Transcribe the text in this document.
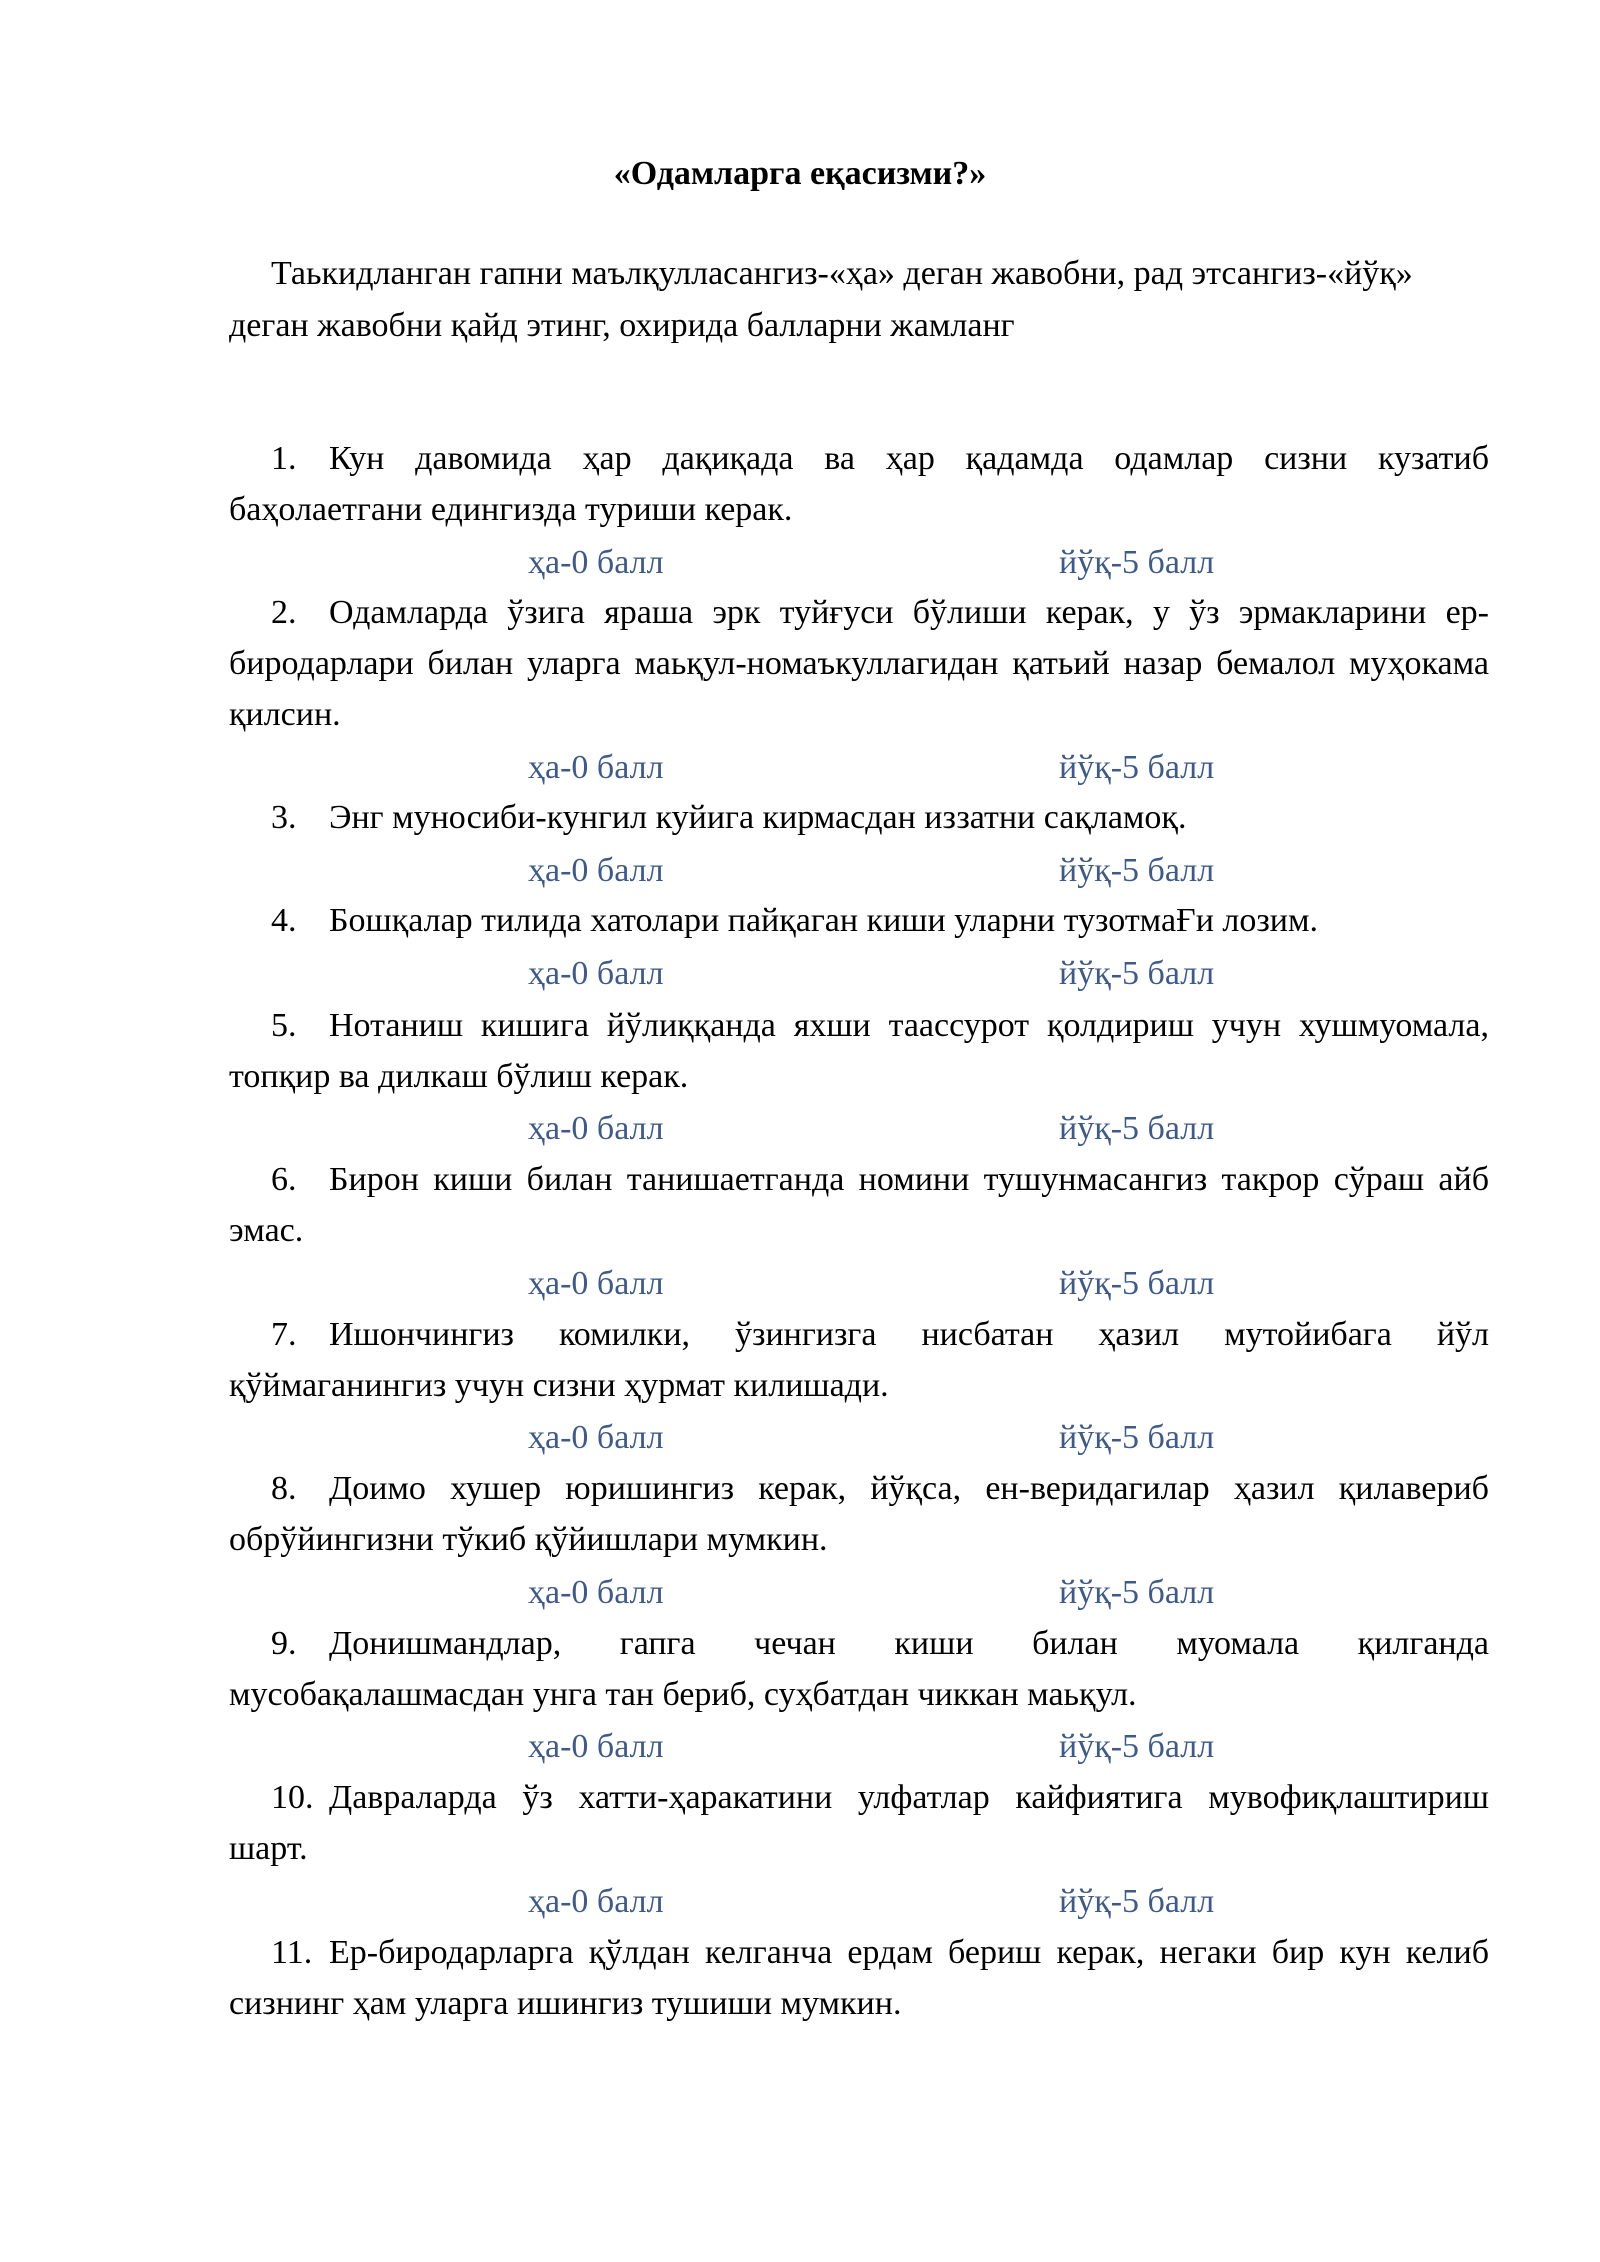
«Одамларга еқасизми?»
Таькидланган гапни маълқулласангиз-«ҳа» деган жавобни, рад этсангиз-«йўқ» деган жавобни қайд этинг, охирида балларни жамланг
1. Кун давомида ҳар дақиқада ва ҳар қадамда одамлар сизни кузатиб баҳолаетгани едингизда туриши керак.
ҳа-0 балл	йўқ-5 балл
2. Одамларда ўзига яраша эрк туйғуси бўлиши керак, у ўз эрмакларини ер-биродарлари билан уларга маьқул-номаъкуллагидан қатьий назар бемалол муҳокама қилсин.
ҳа-0 балл	йўқ-5 балл
3. Энг муносиби-кунгил куйига кирмасдан иззатни сақламоқ.
ҳа-0 балл	йўқ-5 балл
4. Бошқалар тилида хатолари пайқаган киши уларни тузотмаҒи лозим.
ҳа-0 балл	йўқ-5 балл
5. Нотаниш кишига йўлиққанда яхши таассурот қолдириш учун хушмуомала, топқир ва дилкаш бўлиш керак.
ҳа-0 балл	йўқ-5 балл
6. Бирон киши билан танишаетганда номини тушунмасангиз такрор сўраш айб эмас.
ҳа-0 балл	йўқ-5 балл
7. Ишончингиз комилки, ўзингизга нисбатан ҳазил мутойибага йўл қўймаганингиз учун сизни ҳурмат килишади.
ҳа-0 балл	йўқ-5 балл
8. Доимо хушер юришингиз керак, йўқса, ен-веридагилар ҳазил қилавериб обрўйингизни тўкиб қўйишлари мумкин.
ҳа-0 балл	йўқ-5 балл
9. Донишмандлар, гапга чечан киши билан муомала қилганда мусобақалашмасдан унга тан бериб, суҳбатдан чиккан маьқул.
ҳа-0 балл	йўқ-5 балл
10. Давраларда ўз хатти-ҳаракатини улфатлар кайфиятига мувофиқлаштириш шарт.
ҳа-0 балл	йўқ-5 балл
11. Ер-биродарларга қўлдан келганча ердам бериш керак, негаки бир кун келиб сизнинг ҳам уларга ишингиз тушиши мумкин.
